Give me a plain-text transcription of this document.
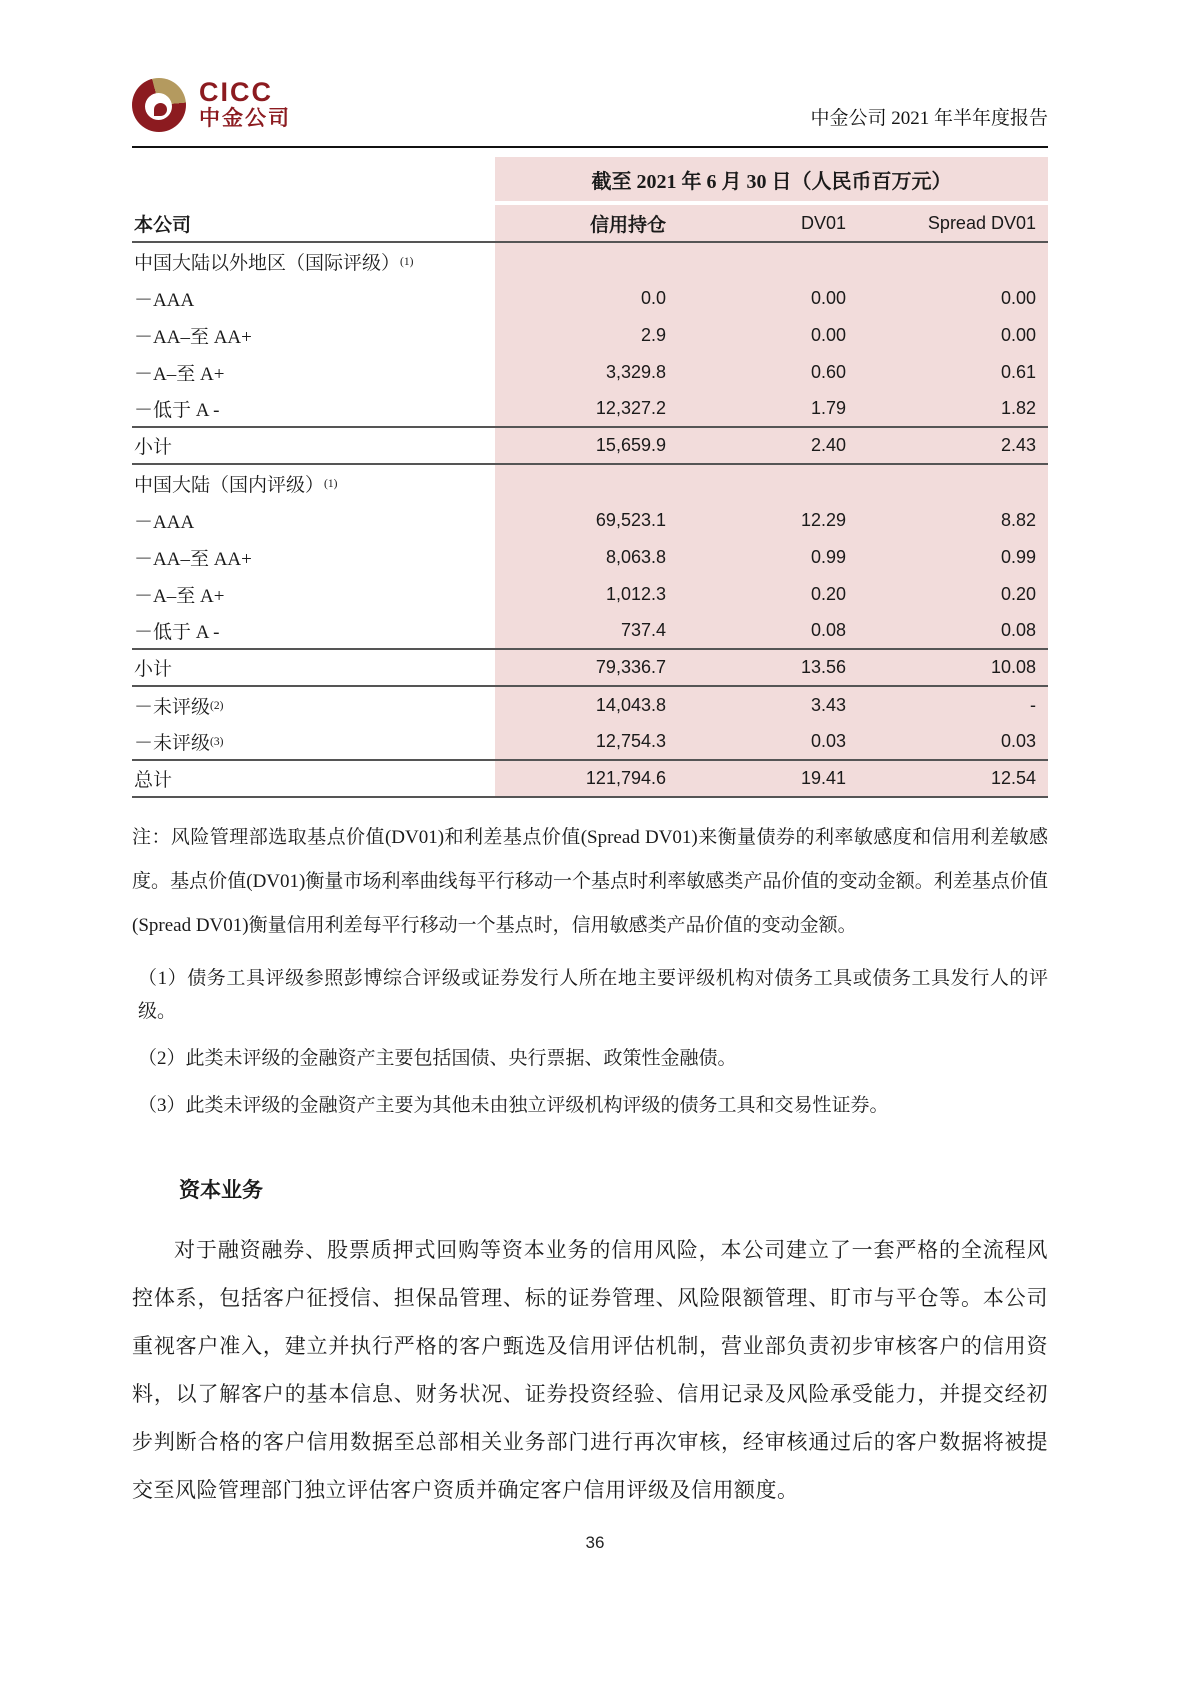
CICC
中金公司	中金公司 2021 年半年度报告
截至 2021 年 6 月 30 日（人民币百万元）
本公司	信用持仓	DV01	Spread DV01
中国大陆以外地区（国际评级） (1)
－AAA	0.0	0.00	0.00
－AA–至 AA+	2.9	0.00	0.00
－A–至 A+	3,329.8	0.60	0.61
－低于 A -	12,327.2	1.79	1.82
小计	15,659.9	2.40	2.43
中国大陆（国内评级） (1)
－AAA	69,523.1	12.29	8.82
－AA–至 AA+	8,063.8	0.99	0.99
－A–至 A+	1,012.3	0.20	0.20
－低于 A -	737.4	0.08	0.08
小计	79,336.7	13.56	10.08
－未评级 (2)	14,043.8	3.43	-
－未评级 (3)	12,754.3	0.03	0.03
总计	121,794.6	19.41	12.54
注：风险管理部选取基点价值(DV01)和利差基点价值(Spread DV01)来衡量债券的利率敏感度和信用利差敏感度。基点价值(DV01)衡量市场利率曲线每平行移动一个基点时利率敏感类产品价值的变动金额。利差基点价值(Spread DV01)衡量信用利差每平行移动一个基点时，信用敏感类产品价值的变动金额。
（1）债务工具评级参照彭博综合评级或证券发行人所在地主要评级机构对债务工具或债务工具发行人的评级。
（2）此类未评级的金融资产主要包括国债、央行票据、政策性金融债。
（3）此类未评级的金融资产主要为其他未由独立评级机构评级的债务工具和交易性证券。
资本业务
对于融资融券、股票质押式回购等资本业务的信用风险，本公司建立了一套严格的全流程风控体系，包括客户征授信、担保品管理、标的证券管理、风险限额管理、盯市与平仓等。本公司重视客户准入，建立并执行严格的客户甄选及信用评估机制，营业部负责初步审核客户的信用资料，以了解客户的基本信息、财务状况、证券投资经验、信用记录及风险承受能力，并提交经初步判断合格的客户信用数据至总部相关业务部门进行再次审核，经审核通过后的客户数据将被提交至风险管理部门独立评估客户资质并确定客户信用评级及信用额度。
36
